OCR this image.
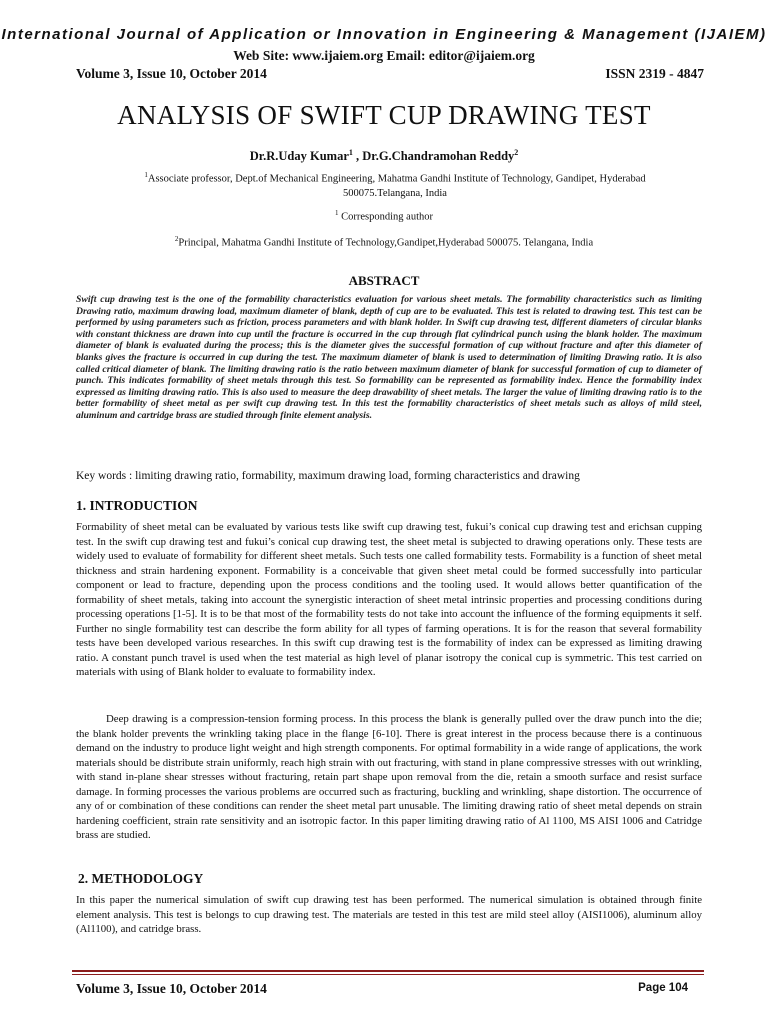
International Journal of Application or Innovation in Engineering & Management (IJAIEM)
Web Site: www.ijaiem.org Email: editor@ijaiem.org
Volume 3, Issue 10, October 2014	ISSN 2319 - 4847
ANALYSIS OF SWIFT CUP DRAWING TEST
Dr.R.Uday Kumar$^1$ , Dr.G.Chandramohan Reddy$^2$
$^1$Associate professor, Dept.of Mechanical Engineering, Mahatma Gandhi Institute of Technology, Gandipet, Hyderabad 500075.Telangana, India
$^1$ Corresponding author
$^2$Principal, Mahatma Gandhi Institute of Technology,Gandipet,Hyderabad 500075. Telangana, India
ABSTRACT
Swift cup drawing test is the one of the formability characteristics evaluation for various sheet metals. The formability characteristics such as limiting Drawing ratio, maximum drawing load, maximum diameter of blank, depth of cup are to be evaluated. This test is related to drawing test. This test can be performed by using parameters such as friction, process parameters and with blank holder. In Swift cup drawing test, different diameters of circular blanks with constant thickness are drawn into cup until the fracture is occurred in the cup through flat cylindrical punch using the blank holder. The maximum diameter of blank is evaluated during the process; this is the diameter gives the successful formation of cup without fracture and after this diameter of blanks gives the fracture is occurred in cup during the test. The maximum diameter of blank is used to determination of limiting Drawing ratio. It is also called critical diameter of blank. The limiting drawing ratio is the ratio between maximum diameter of blank for successful formation of cup to diameter of punch. This indicates formability of sheet metals through this test. So formability can be represented as formability index. Hence the formability index expressed as limiting drawing ratio. This is also used to measure the deep drawability of sheet metals. The larger the value of limiting drawing ratio is to the better formability of sheet metal as per swift cup drawing test. In this test the formability characteristics of sheet metals such as alloys of mild steel, aluminum and cartridge brass are studied through finite element analysis.
Key words : limiting drawing ratio, formability, maximum drawing load, forming characteristics and drawing
1. INTRODUCTION
Formability of sheet metal can be evaluated by various tests like swift cup drawing test, fukui’s conical cup drawing test and erichsan cupping test. In the swift cup drawing test and fukui’s conical cup drawing test, the sheet metal is subjected to drawing operations only. These tests are widely used to evaluate of formability for different sheet metals. Such tests one called formability tests. Formability is a function of sheet metal thickness and strain hardening exponent. Formability is a conceivable that given sheet metal could be formed successfully into particular component or lead to fracture, depending upon the process conditions and the tooling used. It would allows better quantification of the formability of sheet metals, taking into account the synergistic interaction of sheet metal intrinsic properties and processing conditions during processing operations [1-5]. It is to be that most of the formability tests do not take into account the influence of the forming equipments it self. Further no single formability test can describe the form ability for all types of farming operations. It is for the reason that several formability tests have been developed various researches. In this swift cup drawing test is the formability of index can be expressed as limiting drawing ratio. A constant punch travel is used when the test material as high level of planar isotropy the conical cup is symmetric. This test carried on materials with using of Blank holder to evaluate to formability index.
Deep drawing is a compression-tension forming process. In this process the blank is generally pulled over the draw punch into the die; the blank holder prevents the wrinkling taking place in the flange [6-10]. There is great interest in the process because there is a continuous demand on the industry to produce light weight and high strength components. For optimal formability in a wide range of applications, the work materials should be distribute strain uniformly, reach high strain with out fracturing, with stand in plane compressive stresses with out wrinkling, with stand in-plane shear stresses without fracturing, retain part shape upon removal from the die, retain a smooth surface and resist surface damage. In forming processes the various problems are occurred such as fracturing, buckling and wrinkling, shape distortion. The occurrence of any of or combination of these conditions can render the sheet metal part unusable. The limiting drawing ratio of sheet metal depends on strain hardening coefficient, strain rate sensitivity and an isotropic factor. In this paper limiting drawing ratio of Al 1100, MS AISI 1006 and Catridge brass are studied.
2. METHODOLOGY
In this paper the numerical simulation of swift cup drawing test has been performed. The numerical simulation is obtained through finite element analysis. This test is belongs to cup drawing test. The materials are tested in this test are mild steel alloy (AISI1006), aluminum alloy (Al1100), and catridge brass.
Volume 3, Issue 10, October 2014	Page 104
